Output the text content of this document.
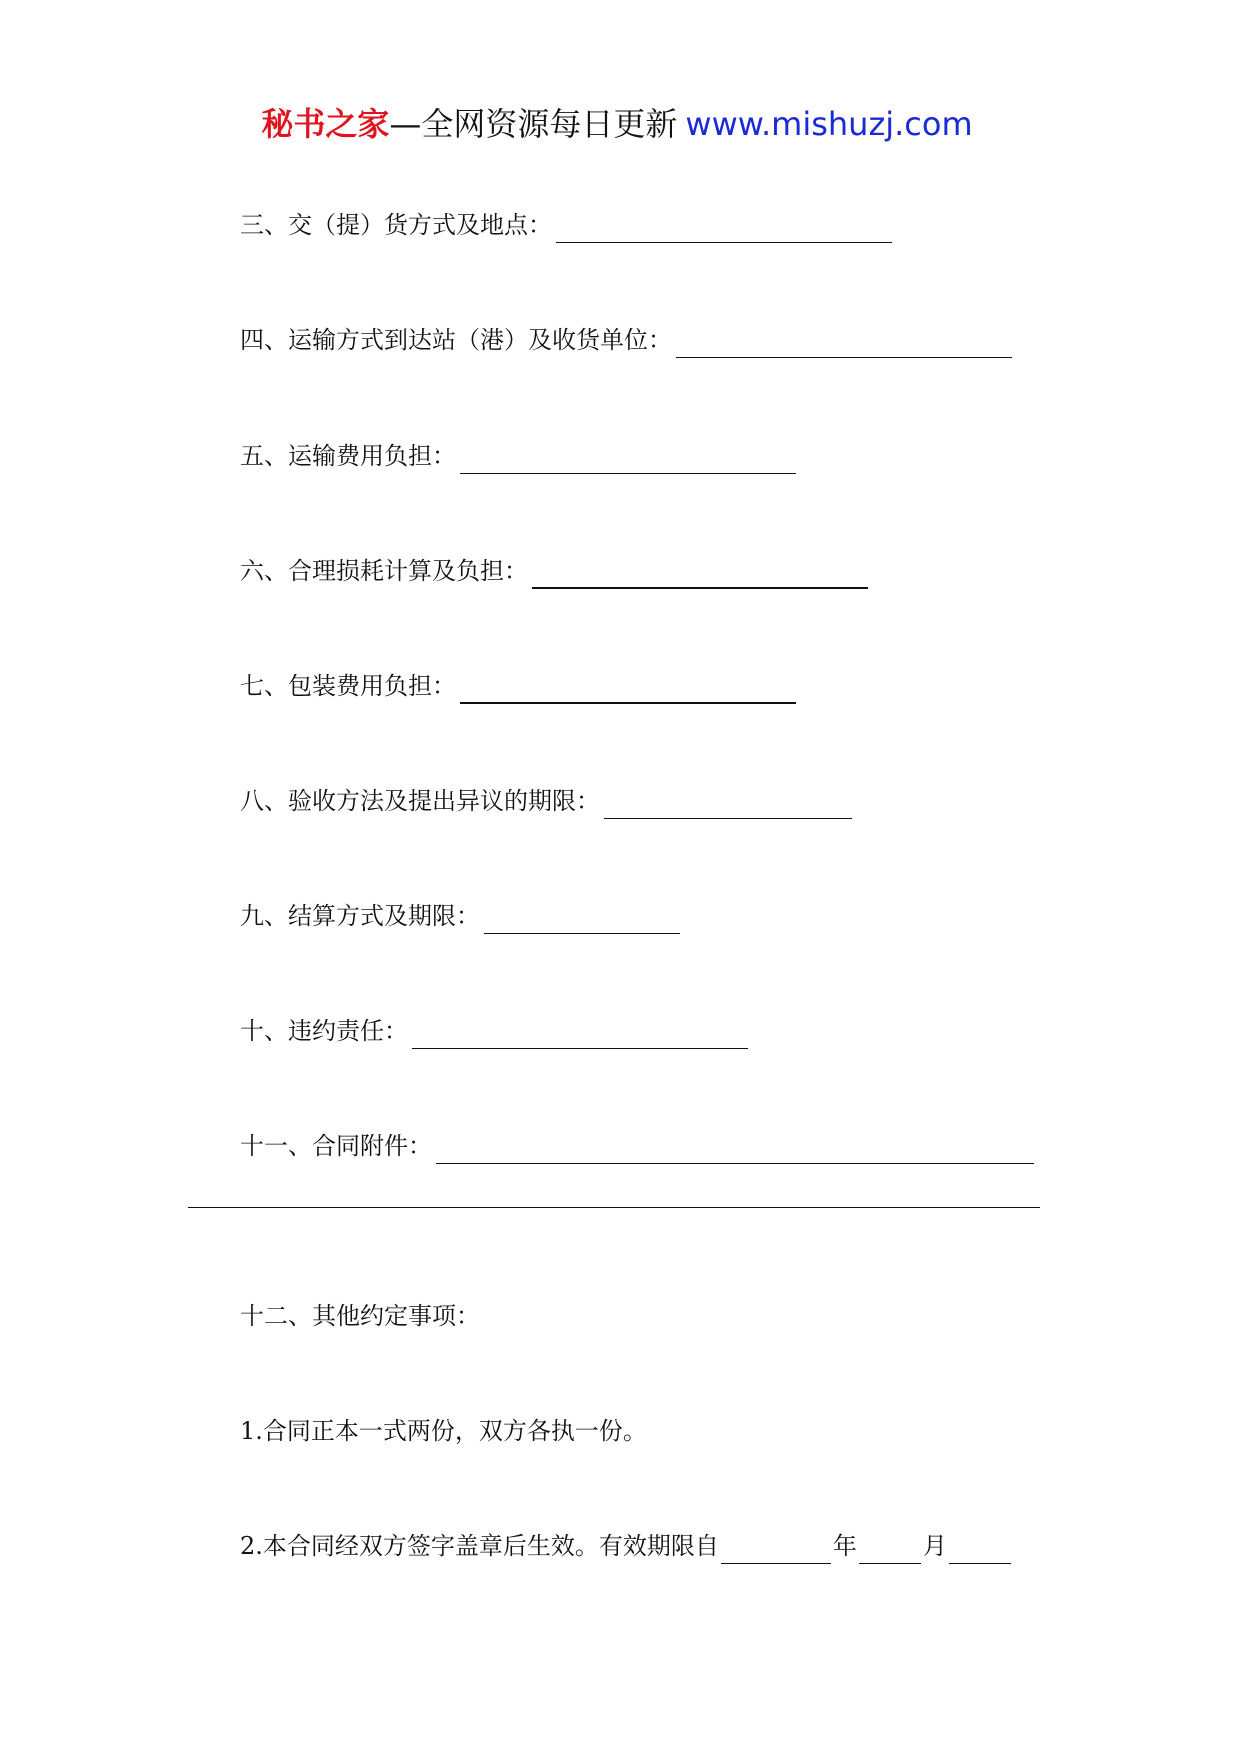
秘书之家—全网资源每日更新 www.mishuzj.com
三、交（提）货方式及地点：
四、运输方式到达站（港）及收货单位：
五、运输费用负担：
六、合理损耗计算及负担：
七、包装费用负担：
八、验收方法及提出异议的期限：
九、结算方式及期限：
十、违约责任：
十一、合同附件：
十二、其他约定事项：
1.合同正本一式两份，双方各执一份。
2.本合同经双方签字盖章后生效。有效期限自	年	月
